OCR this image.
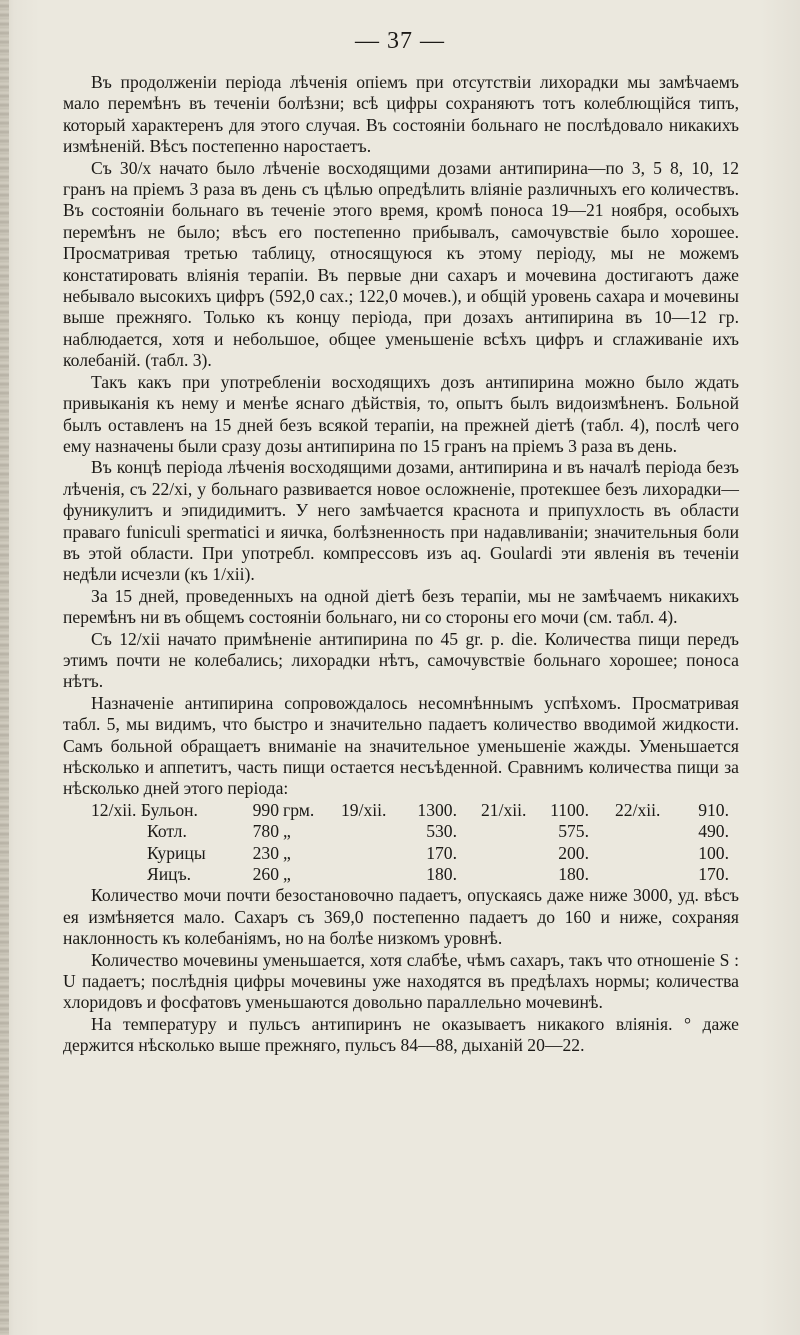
— 37 —

Въ продолженіи періода лѣченія опіемъ при отсутствіи лихорадки мы замѣчаемъ мало перемѣнъ въ теченіи болѣзни; всѣ цифры сохраняютъ тотъ колеблющійся типъ, который характеренъ для этого случая. Въ состояніи больнаго не послѣдовало никакихъ измѣненій. Вѣсъ постепенно наростаетъ.

Съ 30/х начато было лѣченіе восходящими дозами антипирина—по 3, 5 8, 10, 12 гранъ на пріемъ 3 раза въ день съ цѣлью опредѣлить вліяніе различныхъ его количествъ. Въ состояніи больнаго въ теченіе этого время, кромѣ поноса 19—21 ноября, особыхъ перемѣнъ не было; вѣсъ его постепенно прибывалъ, самочувствіе было хорошее. Просматривая третью таблицу, относящуюся къ этому періоду, мы не можемъ констатировать вліянія терапіи. Въ первые дни сахаръ и мочевина достигаютъ даже небывало высокихъ цифръ (592,0 сах.; 122,0 мочев.), и общій уровень сахара и мочевины выше прежняго. Только къ концу періода, при дозахъ антипирина въ 10—12 гр. наблюдается, хотя и небольшое, общее уменьшеніе всѣхъ цифръ и сглаживаніе ихъ колебаній. (табл. 3).

Такъ какъ при употребленіи восходящихъ дозъ антипирина можно было ждать привыканія къ нему и менѣе яснаго дѣйствія, то, опытъ былъ видоизмѣненъ. Больной былъ оставленъ на 15 дней безъ всякой терапіи, на прежней діетѣ (табл. 4), послѣ чего ему назначены были сразу дозы антипирина по 15 гранъ на пріемъ 3 раза въ день.

Въ концѣ періода лѣченія восходящими дозами, антипирина и въ началѣ періода безъ лѣченія, съ 22/хі, у больнаго развивается новое осложненіе, протекшее безъ лихорадки—фуникулитъ и эпидидимитъ. У него замѣчается краснота и припухлость въ области праваго funiculi spermatici и яичка, болѣзненность при надавливаніи; значительныя боли въ этой области. При употребл. компрессовъ изъ aq. Goulardi эти явленія въ теченіи недѣли исчезли (къ 1/хіі).

За 15 дней, проведенныхъ на одной діетѣ безъ терапіи, мы не замѣчаемъ никакихъ перемѣнъ ни въ общемъ состояніи больнаго, ни со стороны его мочи (см. табл. 4).

Съ 12/хіі начато примѣненіе антипирина по 45 gr. p. die. Количества пищи передъ этимъ почти не колебались; лихорадки нѣтъ, самочувствіе больнаго хорошее; поноса нѣтъ.

Назначеніе антипирина сопровождалось несомнѣннымъ успѣхомъ. Просматривая табл. 5, мы видимъ, что быстро и значительно падаетъ количество вводимой жидкости. Самъ больной обращаетъ вниманіе на значительное уменьшеніе жажды. Уменьшается нѣсколько и аппетитъ, часть пищи остается несъѣденной. Сравнимъ количества пищи за нѣсколько дней этого періода:

12/хіі. Бульон.	990	грм.	19/хіі.	1300.	21/хіі.	1100.	22/хіі.	910.
Котл.	780	„		530.		575.		490.
Курицы	230	„		170.		200.		100.
Яицъ.	260	„		180.		180.		170.

Количество мочи почти безостановочно падаетъ, опускаясь даже ниже 3000, уд. вѣсъ ея измѣняется мало. Сахаръ съ 369,0 постепенно падаетъ до 160 и ниже, сохраняя наклонность къ колебаніямъ, но на болѣе низкомъ уровнѣ.

Количество мочевины уменьшается, хотя слабѣе, чѣмъ сахаръ, такъ что отношеніе S : U падаетъ; послѣднія цифры мочевины уже находятся въ предѣлахъ нормы; количества хлоридовъ и фосфатовъ уменьшаются довольно параллельно мочевинѣ.

На температуру и пульсъ антипиринъ не оказываетъ никакого вліянія. ° даже держится нѣсколько выше прежняго, пульсъ 84—88, дыханій 20—22.
